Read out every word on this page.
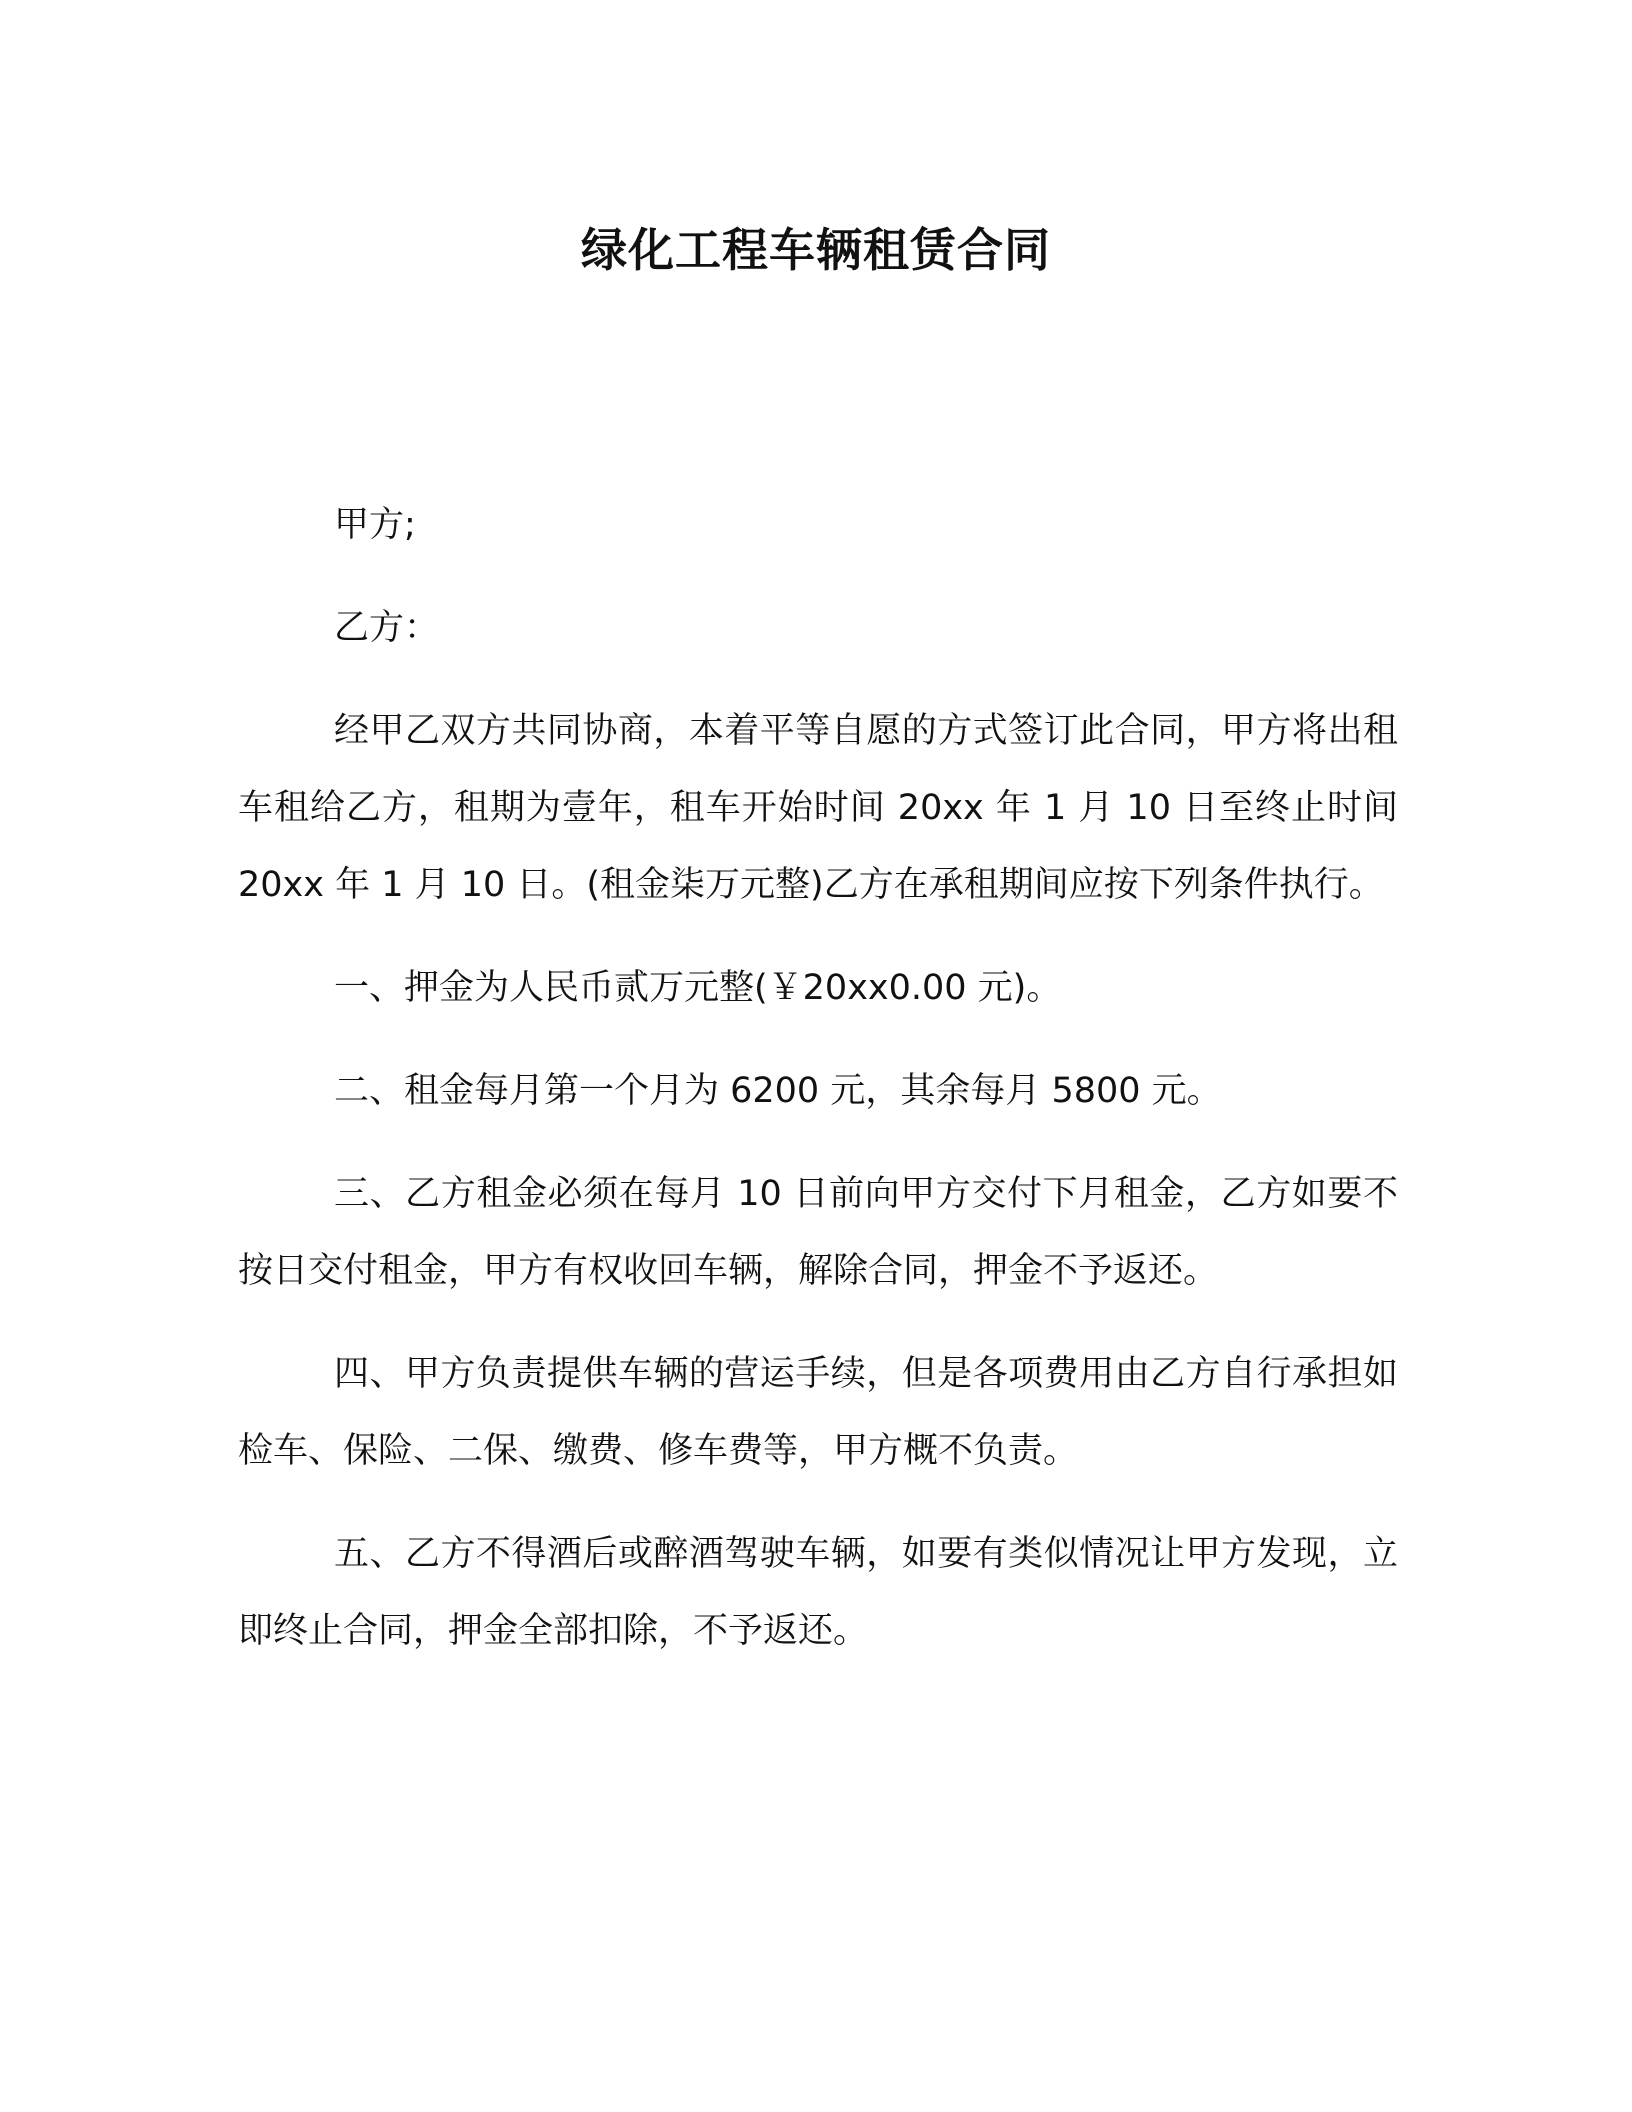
绿化工程车辆租赁合同

甲方;

乙方：

经甲乙双方共同协商，本着平等自愿的方式签订此合同，甲方将出租车租给乙方，租期为壹年，租车开始时间 20xx 年 1 月 10 日至终止时间 20xx 年 1 月 10 日。(租金柒万元整)乙方在承租期间应按下列条件执行。

一、押金为人民币贰万元整(￥20xx0.00 元)。

二、租金每月第一个月为 6200 元，其余每月 5800 元。

三、乙方租金必须在每月 10 日前向甲方交付下月租金，乙方如要不按日交付租金，甲方有权收回车辆，解除合同，押金不予返还。

四、甲方负责提供车辆的营运手续，但是各项费用由乙方自行承担如检车、保险、二保、缴费、修车费等，甲方概不负责。

五、乙方不得酒后或醉酒驾驶车辆，如要有类似情况让甲方发现，立即终止合同，押金全部扣除，不予返还。
